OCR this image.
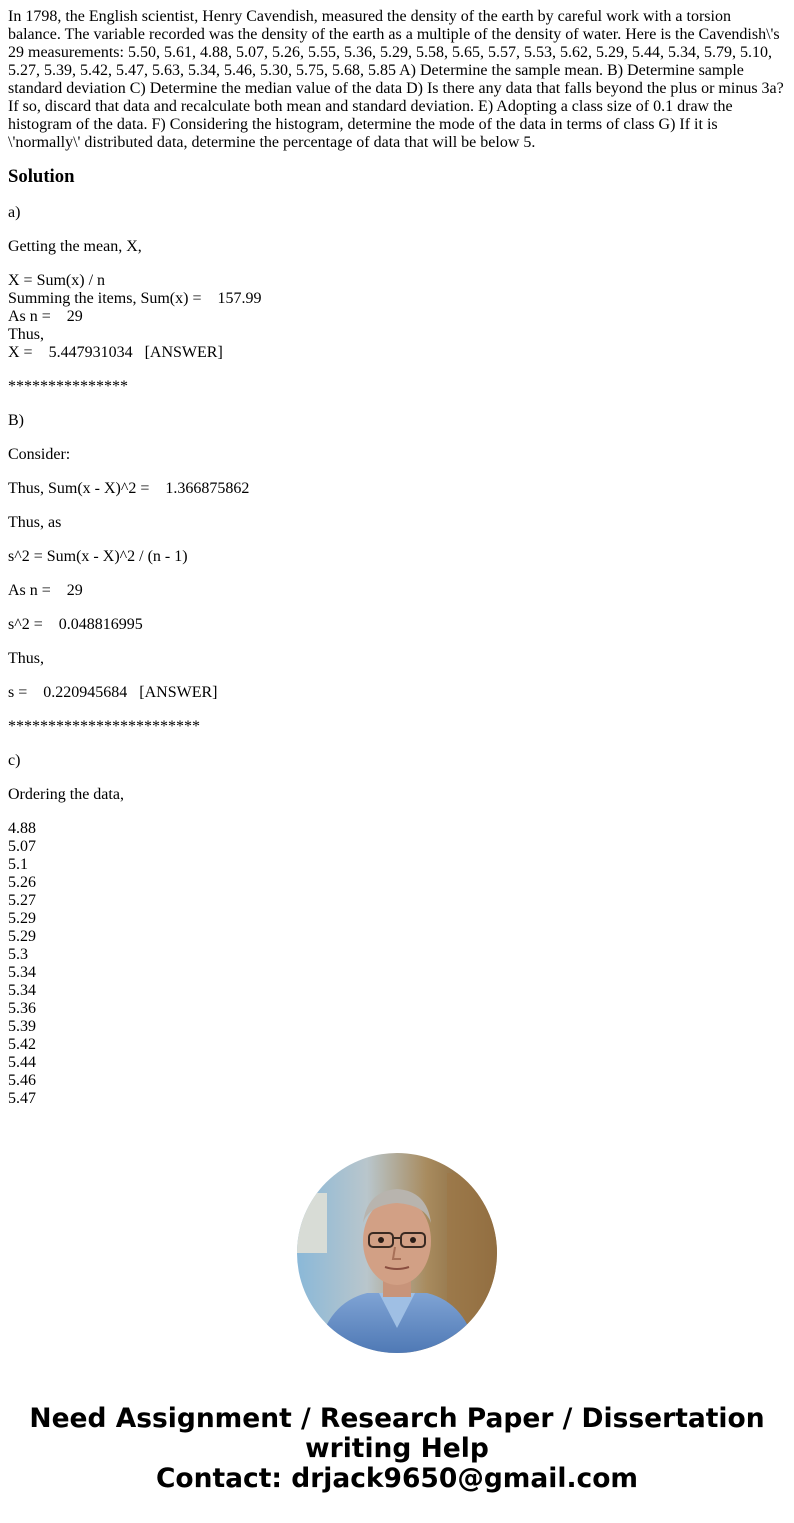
In 1798, the English scientist, Henry Cavendish, measured the density of the earth by careful work with a torsion balance. The variable recorded was the density of the earth as a multiple of the density of water. Here is the Cavendish\'s 29 measurements: 5.50, 5.61, 4.88, 5.07, 5.26, 5.55, 5.36, 5.29, 5.58, 5.65, 5.57, 5.53, 5.62, 5.29, 5.44, 5.34, 5.79, 5.10, 5.27, 5.39, 5.42, 5.47, 5.63, 5.34, 5.46, 5.30, 5.75, 5.68, 5.85 A) Determine the sample mean. B) Determine sample standard deviation C) Determine the median value of the data D) Is there any data that falls beyond the plus or minus 3a? If so, discard that data and recalculate both mean and standard deviation. E) Adopting a class size of 0.1 draw the histogram of the data. F) Considering the histogram, determine the mode of the data in terms of class G) If it is \'normally\' distributed data, determine the percentage of data that will be below 5.
Solution

a)

Getting the mean, X,

X = Sum(x) / n
Summing the items, Sum(x) =    157.99
As n =    29
Thus,
X =    5.447931034   [ANSWER]

***************

B)

Consider:

Thus, Sum(x - X)^2 =    1.366875862

Thus, as

s^2 = Sum(x - X)^2 / (n - 1)

As n =    29

s^2 =    0.048816995

Thus,

s =    0.220945684   [ANSWER]

************************

c)

Ordering the data,

4.88
5.07
5.1
5.26
5.27
5.29
5.29
5.3
5.34
5.34
5.36
5.39
5.42
5.44
5.46
5.47
Need Assignment / Research Paper / Dissertation
writing Help
Contact: drjack9650@gmail.com
